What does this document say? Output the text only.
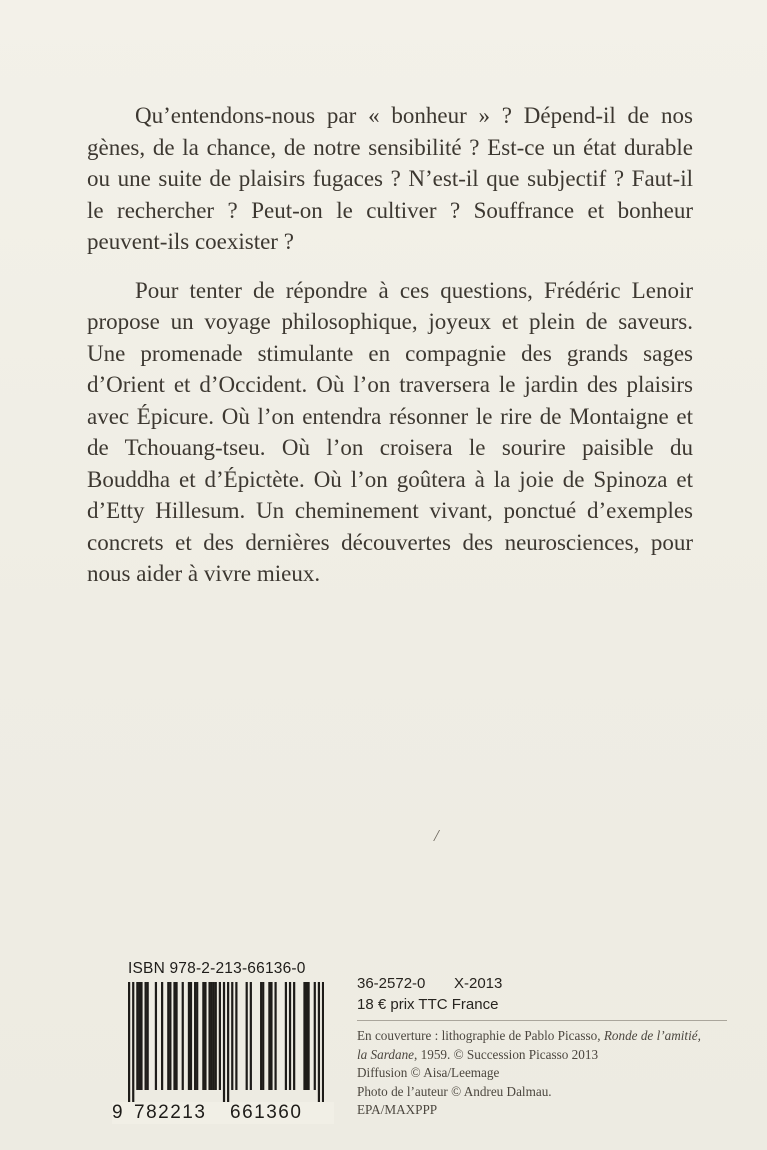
Qu’entendons-nous par « bonheur » ? Dépend-il de nos gènes, de la chance, de notre sensibilité ? Est-ce un état durable ou une suite de plaisirs fugaces ? N’est-il que subjectif ? Faut-il le rechercher ? Peut-on le cultiver ? Souffrance et bonheur peuvent-ils coexister ?

Pour tenter de répondre à ces questions, Frédéric Lenoir propose un voyage philosophique, joyeux et plein de saveurs. Une promenade stimulante en compagnie des grands sages d’Orient et d’Occident. Où l’on traversera le jardin des plaisirs avec Épicure. Où l’on entendra résonner le rire de Montaigne et de Tchouang-tseu. Où l’on croisera le sourire paisible du Bouddha et d’Épictète. Où l’on goûtera à la joie de Spinoza et d’Etty Hillesum. Un cheminement vivant, ponctué d’exemples concrets et des dernières découvertes des neurosciences, pour nous aider à vivre mieux.

/
ISBN 978-2-213-66136-0
9 782213 661360
36-2572-0 X-2013
18 € prix TTC France
En couverture : lithographie de Pablo Picasso, Ronde de l’amitié,
la Sardane, 1959. © Succession Picasso 2013
Diffusion © Aisa/Leemage
Photo de l’auteur © Andreu Dalmau.
EPA/MAXPPP
